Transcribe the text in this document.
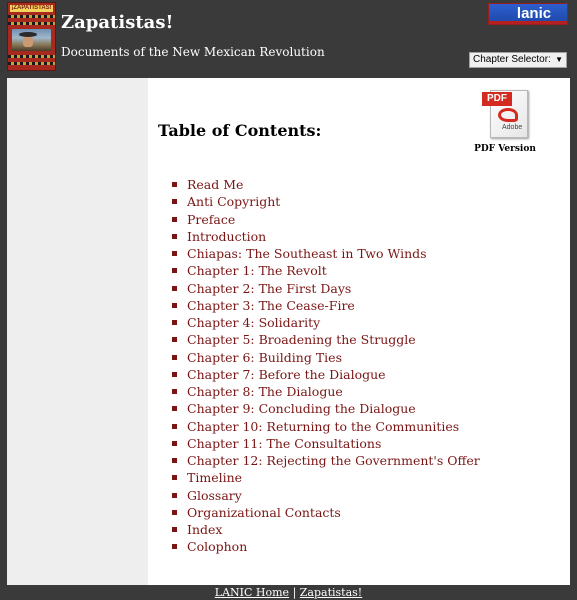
¡ZAPATISTAS!
Zapatistas!
Documents of the New Mexican Revolution
lanic
Chapter Selector: ▼
Table of Contents:
PDF
Adobe
PDF Version
Read Me
Anti Copyright
Preface
Introduction
Chiapas: The Southeast in Two Winds
Chapter 1: The Revolt
Chapter 2: The First Days
Chapter 3: The Cease-Fire
Chapter 4: Solidarity
Chapter 5: Broadening the Struggle
Chapter 6: Building Ties
Chapter 7: Before the Dialogue
Chapter 8: The Dialogue
Chapter 9: Concluding the Dialogue
Chapter 10: Returning to the Communities
Chapter 11: The Consultations
Chapter 12: Rejecting the Government's Offer
Timeline
Glossary
Organizational Contacts
Index
Colophon
LANIC Home | Zapatistas!
